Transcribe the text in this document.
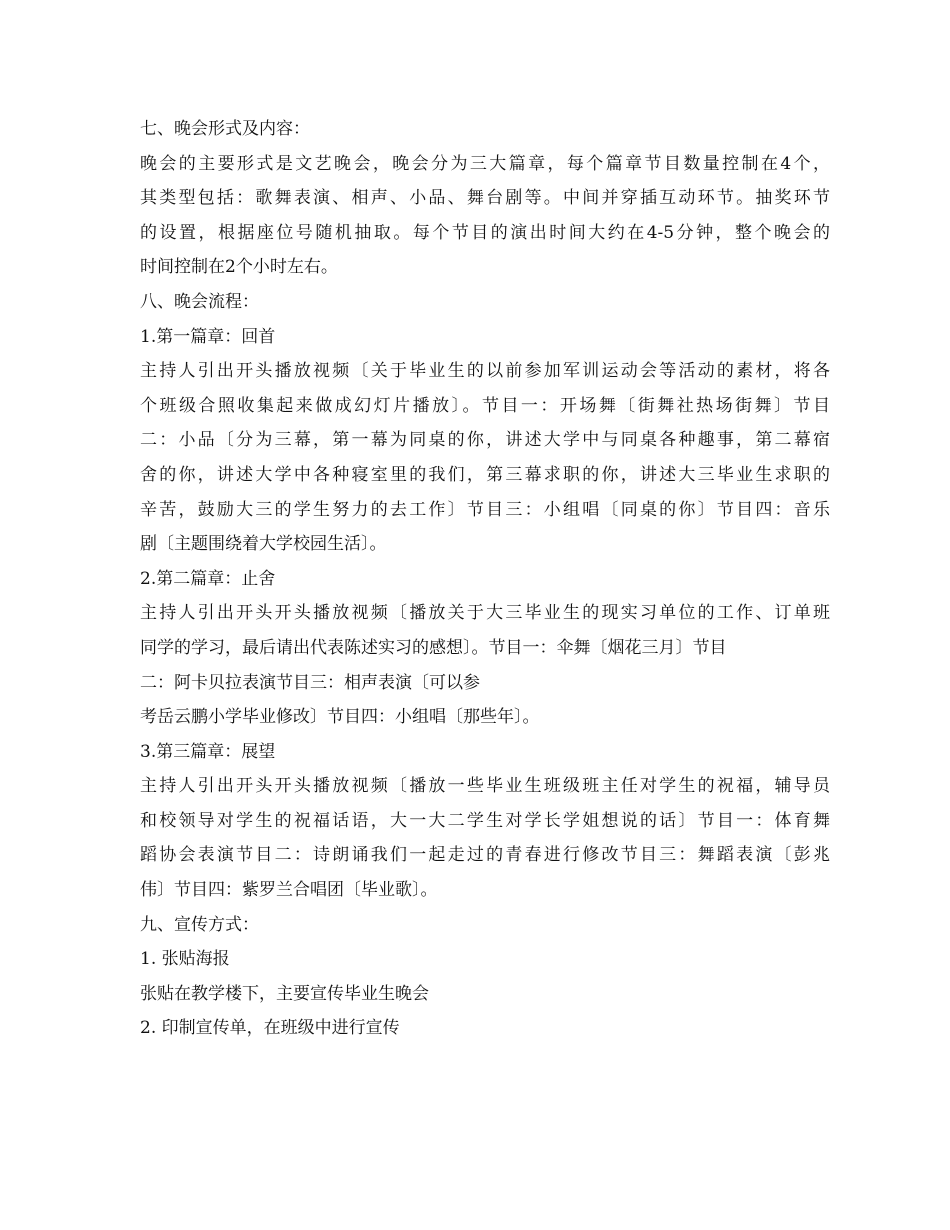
七、晚会形式及内容：
晚会的主要形式是文艺晚会，晚会分为三大篇章，每个篇章节目数量控制在4个，
其类型包括：歌舞表演、相声、小品、舞台剧等。中间并穿插互动环节。抽奖环节
的设置，根据座位号随机抽取。每个节目的演出时间大约在4-5分钟，整个晚会的
时间控制在2个小时左右。
八、晚会流程：
1.第一篇章：回首
主持人引出开头播放视频〔关于毕业生的以前参加军训运动会等活动的素材，将各
个班级合照收集起来做成幻灯片播放〕。节目一：开场舞〔街舞社热场街舞〕节目
二：小品〔分为三幕，第一幕为同桌的你，讲述大学中与同桌各种趣事，第二幕宿
舍的你，讲述大学中各种寝室里的我们，第三幕求职的你，讲述大三毕业生求职的
辛苦，鼓励大三的学生努力的去工作〕节目三：小组唱〔同桌的你〕节目四：音乐
剧〔主题围绕着大学校园生活〕。
2.第二篇章：止舍
主持人引出开头开头播放视频〔播放关于大三毕业生的现实习单位的工作、订单班
同学的学习，最后请出代表陈述实习的感想〕。节目一：伞舞〔烟花三月〕节目
二：阿卡贝拉表演节目三：相声表演〔可以参
考岳云鹏小学毕业修改〕节目四：小组唱〔那些年〕。
3.第三篇章：展望
主持人引出开头开头播放视频〔播放一些毕业生班级班主任对学生的祝福，辅导员
和校领导对学生的祝福话语，大一大二学生对学长学姐想说的话〕节目一：体育舞
蹈协会表演节目二：诗朗诵我们一起走过的青春进行修改节目三：舞蹈表演〔彭兆
伟〕节目四：紫罗兰合唱团〔毕业歌〕。
九、宣传方式：
1. 张贴海报
张贴在教学楼下，主要宣传毕业生晚会
2. 印制宣传单，在班级中进行宣传
